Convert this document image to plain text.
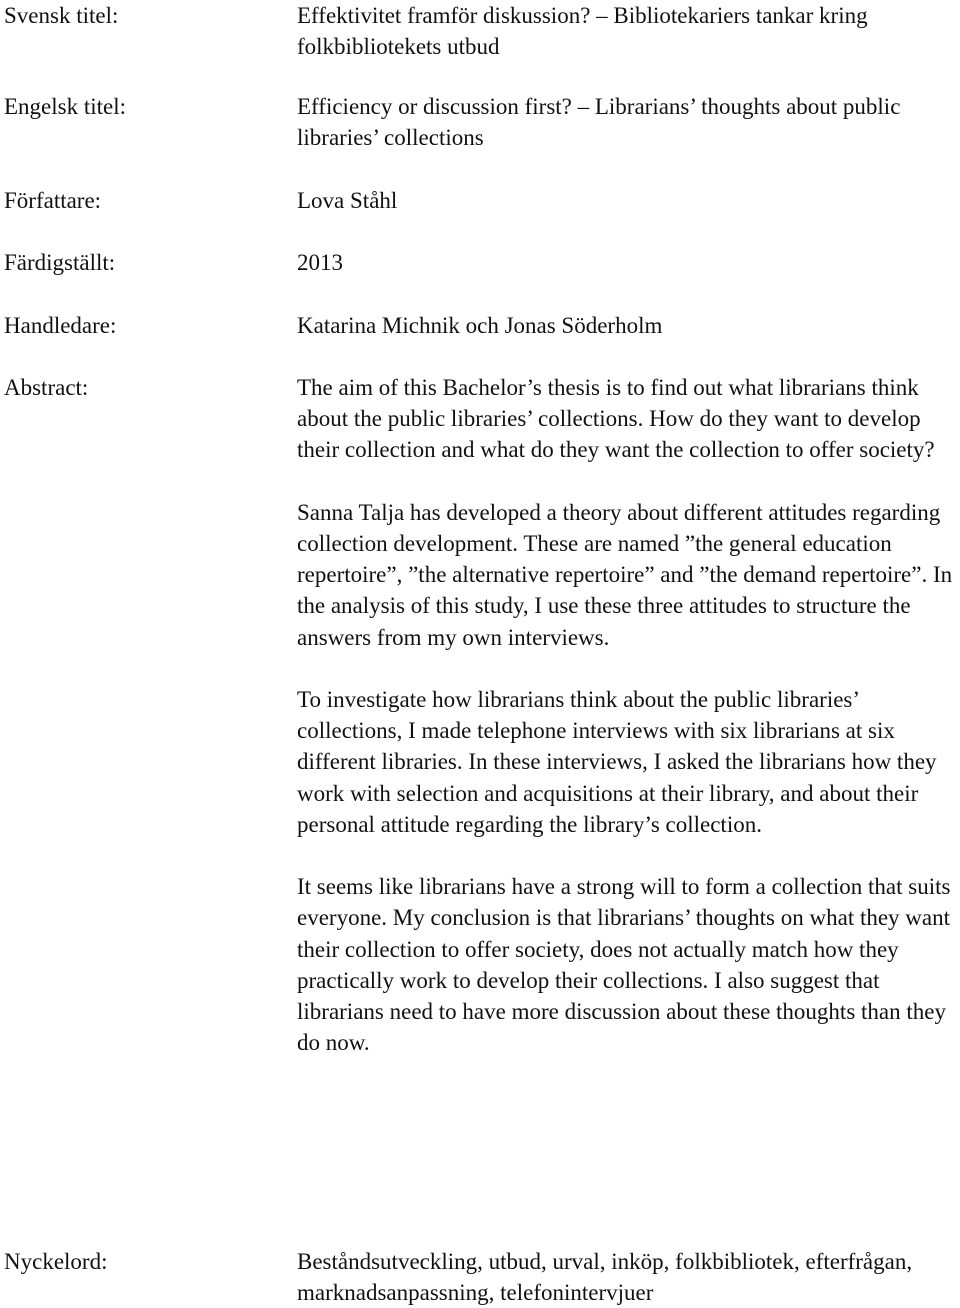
Svensk titel:	Effektivitet framför diskussion? – Bibliotekariers tankar kring folkbibliotekets utbud
Engelsk titel:	Efficiency or discussion first? – Librarians’ thoughts about public libraries’ collections
Författare:	Lova Ståhl
Färdigställt:	2013
Handledare:	Katarina Michnik och Jonas Söderholm
Abstract:	The aim of this Bachelor’s thesis is to find out what librarians think about the public libraries’ collections. How do they want to develop their collection and what do they want the collection to offer society?

Sanna Talja has developed a theory about different attitudes regarding collection development. These are named ”the general education repertoire”, ”the alternative repertoire” and ”the demand repertoire”. In the analysis of this study, I use these three attitudes to structure the answers from my own interviews.

To investigate how librarians think about the public libraries’ collections, I made telephone interviews with six librarians at six different libraries. In these interviews, I asked the librarians how they work with selection and acquisitions at their library, and about their personal attitude regarding the library’s collection.

It seems like librarians have a strong will to form a collection that suits everyone. My conclusion is that librarians’ thoughts on what they want their collection to offer society, does not actually match how they practically work to develop their collections. I also suggest that librarians need to have more discussion about these thoughts than they do now.

Nyckelord:	Beståndsutveckling, utbud, urval, inköp, folkbibliotek, efterfrågan, marknadsanpassning, telefonintervjuer
